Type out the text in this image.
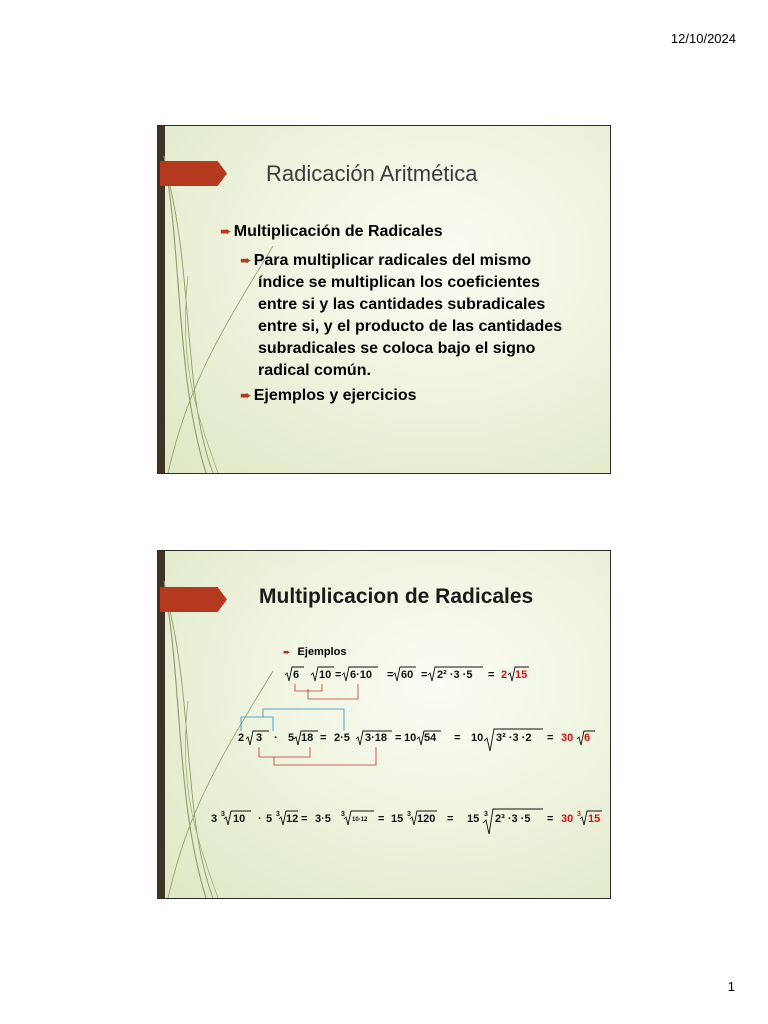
12/10/2024
Radicación Aritmética
➨ Multiplicación de Radicales
➨ Para multiplicar radicales del mismo
índice se multiplican los coeficientes
entre si y las cantidades subradicales
entre si, y el producto de las cantidades
subradicales se coloca bajo el signo
radical común.
➨ Ejemplos y ejercicios
Multiplicacion de Radicales
➨ Ejemplos
6 10 = 6·10 = 60 = 2² ·3 ·5 = 2 15
2 3 · 5 18 = 2·5 3·18 = 10 54 = 10 3² ·3 ·2 = 30 6
3 3 10 · 5 3 12 = 3·5 3
10·12 = 15 3 120 = 15 3 2³ ·3 ·5 = 30 3 15
1
